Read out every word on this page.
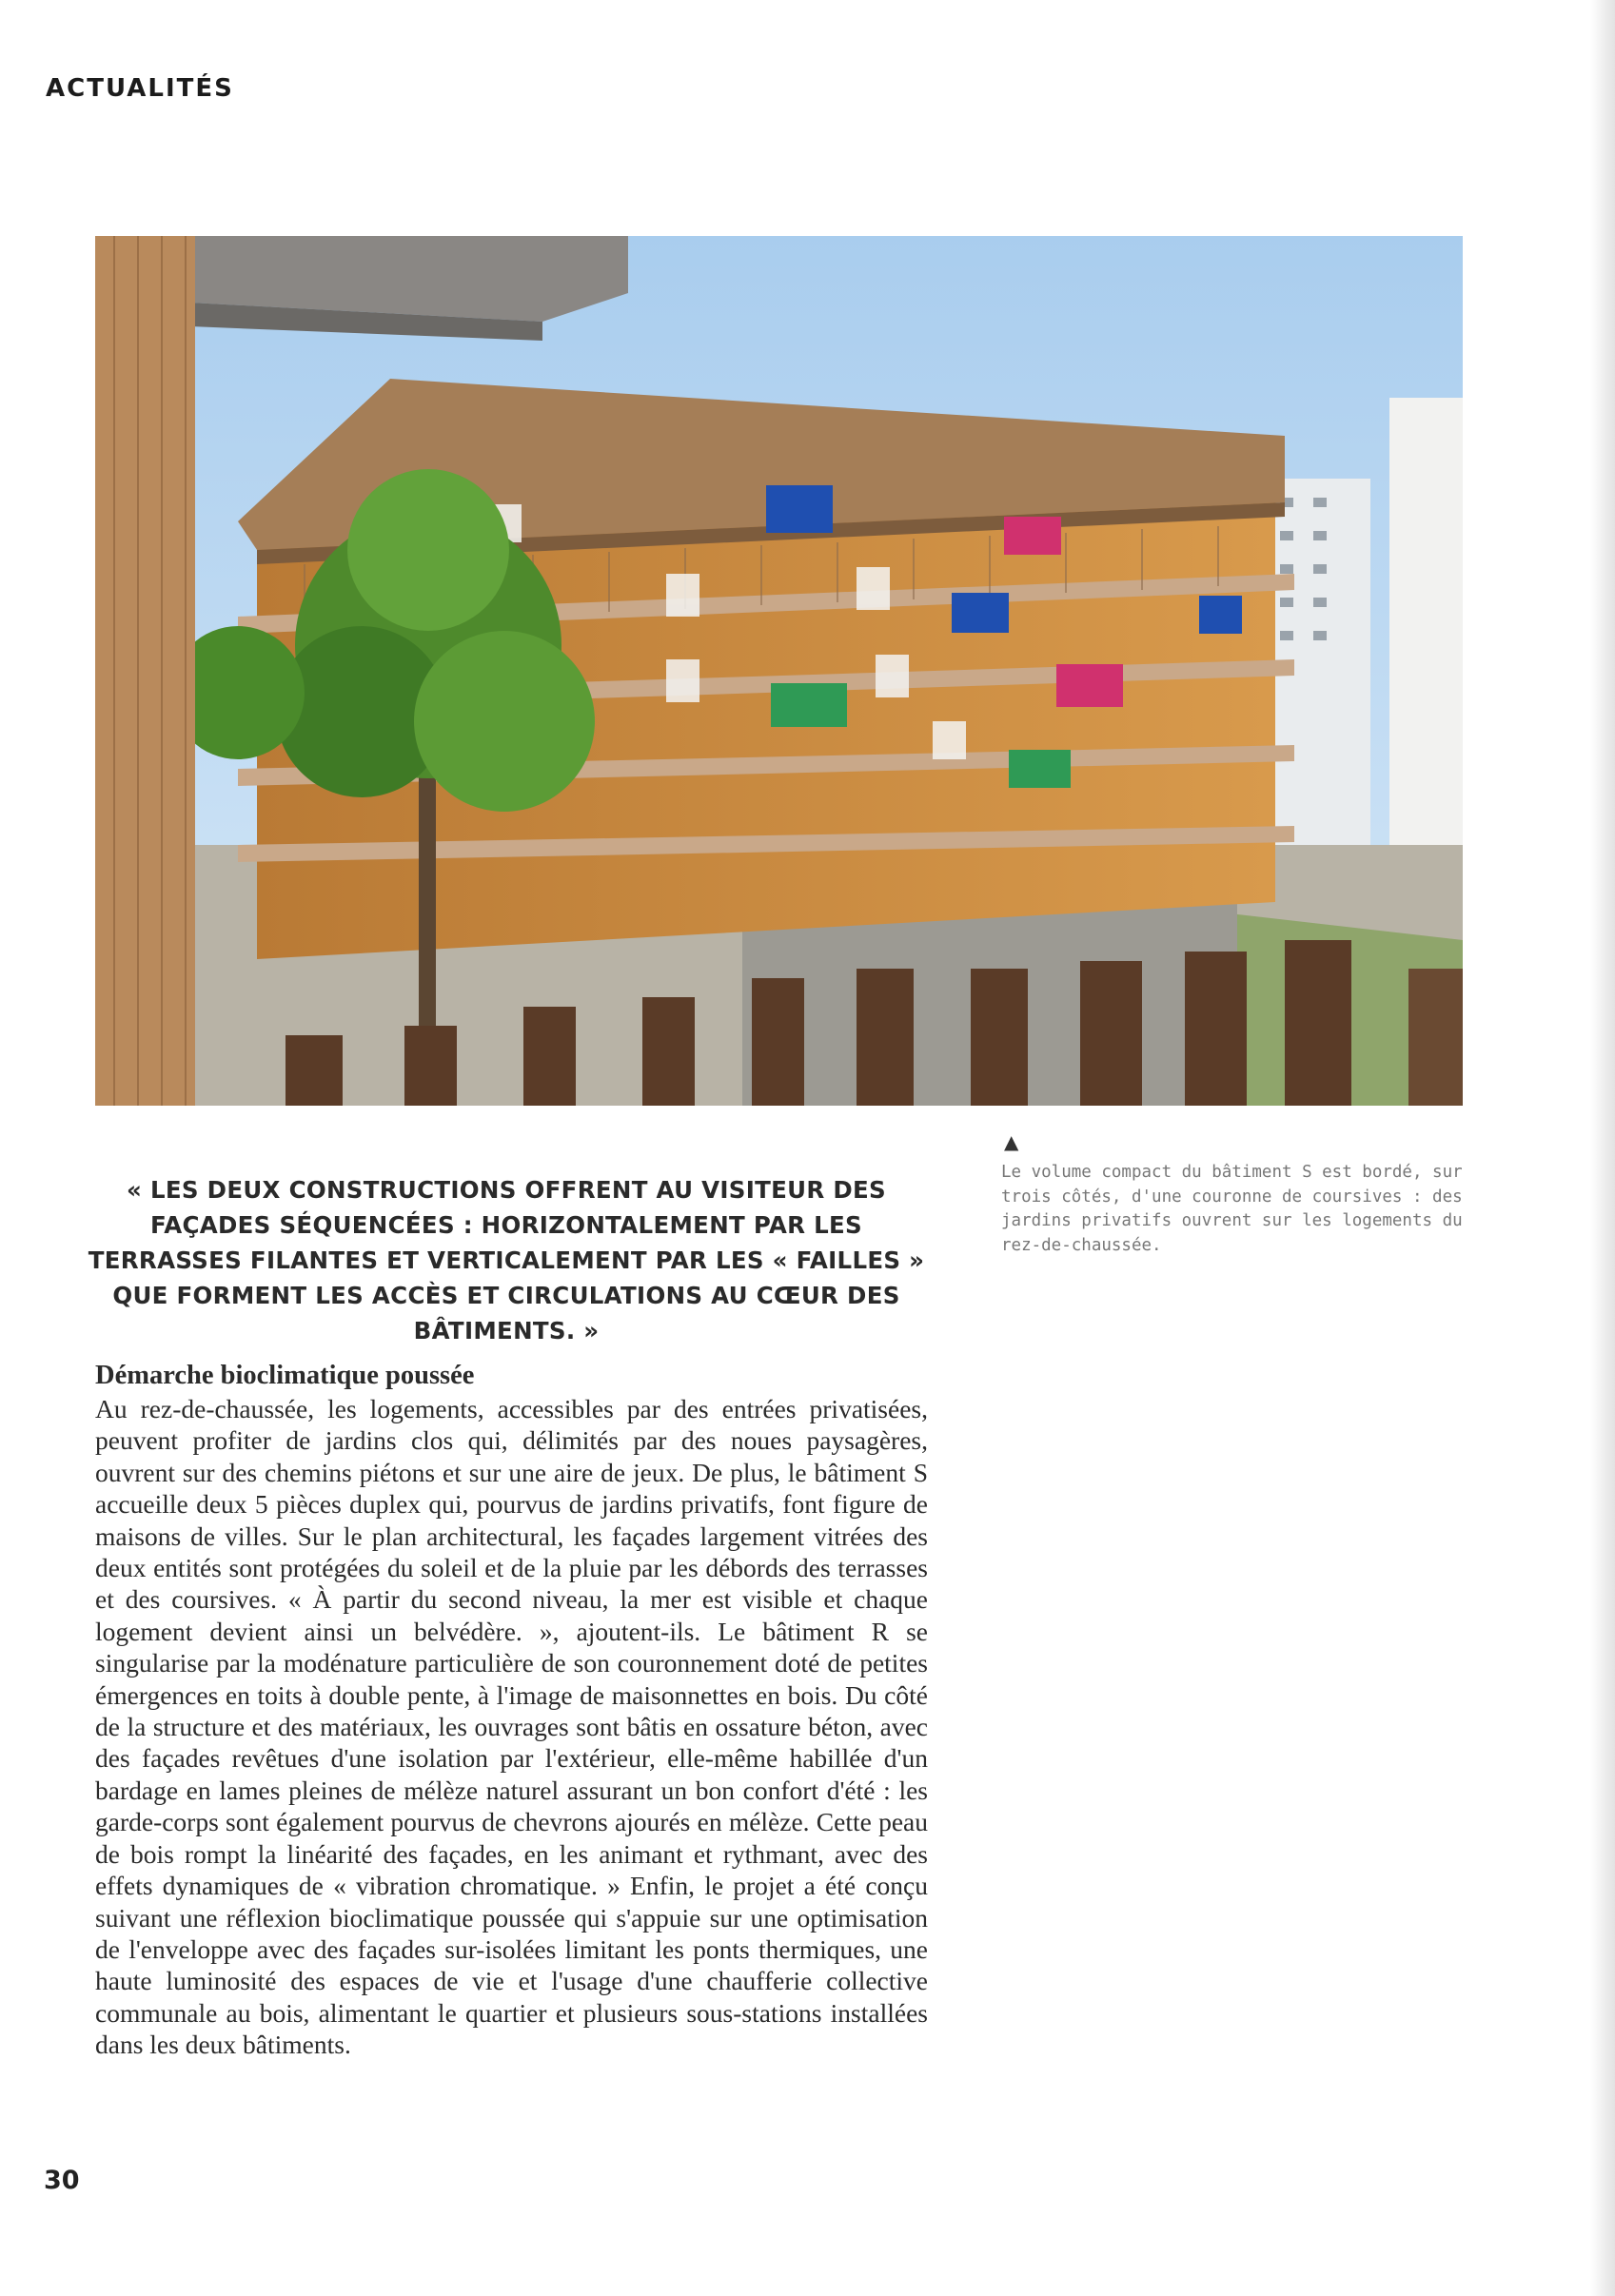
ACTUALITÉS
« LES DEUX CONSTRUCTIONS OFFRENT AU VISITEUR DES FAÇADES SÉQUENCÉES : HORIZONTALEMENT PAR LES TERRASSES FILANTES ET VERTICALEMENT PAR LES « FAILLES » QUE FORMENT LES ACCÈS ET CIRCULATIONS AU CŒUR DES BÂTIMENTS. »
▲
Le volume compact du bâtiment S est bordé, sur trois côtés, d'une couronne de coursives : des jardins privatifs ouvrent sur les logements du rez-de-chaussée.
Démarche bioclimatique poussée

Au rez-de-chaussée, les logements, accessibles par des entrées privatisées, peuvent profiter de jardins clos qui, délimités par des noues paysagères, ouvrent sur des chemins piétons et sur une aire de jeux. De plus, le bâtiment S accueille deux 5 pièces duplex qui, pourvus de jardins privatifs, font figure de maisons de villes. Sur le plan architectural, les façades largement vitrées des deux entités sont protégées du soleil et de la pluie par les débords des terrasses et des coursives. « À partir du second niveau, la mer est visible et chaque logement devient ainsi un belvédère. », ajoutent-ils. Le bâtiment R se singularise par la modénature particulière de son couronnement doté de petites émergences en toits à double pente, à l'image de maisonnettes en bois. Du côté de la structure et des matériaux, les ouvrages sont bâtis en ossature béton, avec des façades revêtues d'une isolation par l'extérieur, elle-même habillée d'un bardage en lames pleines de mélèze naturel assurant un bon confort d'été : les garde-corps sont également pourvus de chevrons ajourés en mélèze. Cette peau de bois rompt la linéarité des façades, en les animant et rythmant, avec des effets dynamiques de « vibration chromatique. » Enfin, le projet a été conçu suivant une réflexion bioclimatique poussée qui s'appuie sur une optimisation de l'enveloppe avec des façades sur-isolées limitant les ponts thermiques, une haute luminosité des espaces de vie et l'usage d'une chaufferie collective communale au bois, alimentant le quartier et plusieurs sous-stations installées dans les deux bâtiments.

30
